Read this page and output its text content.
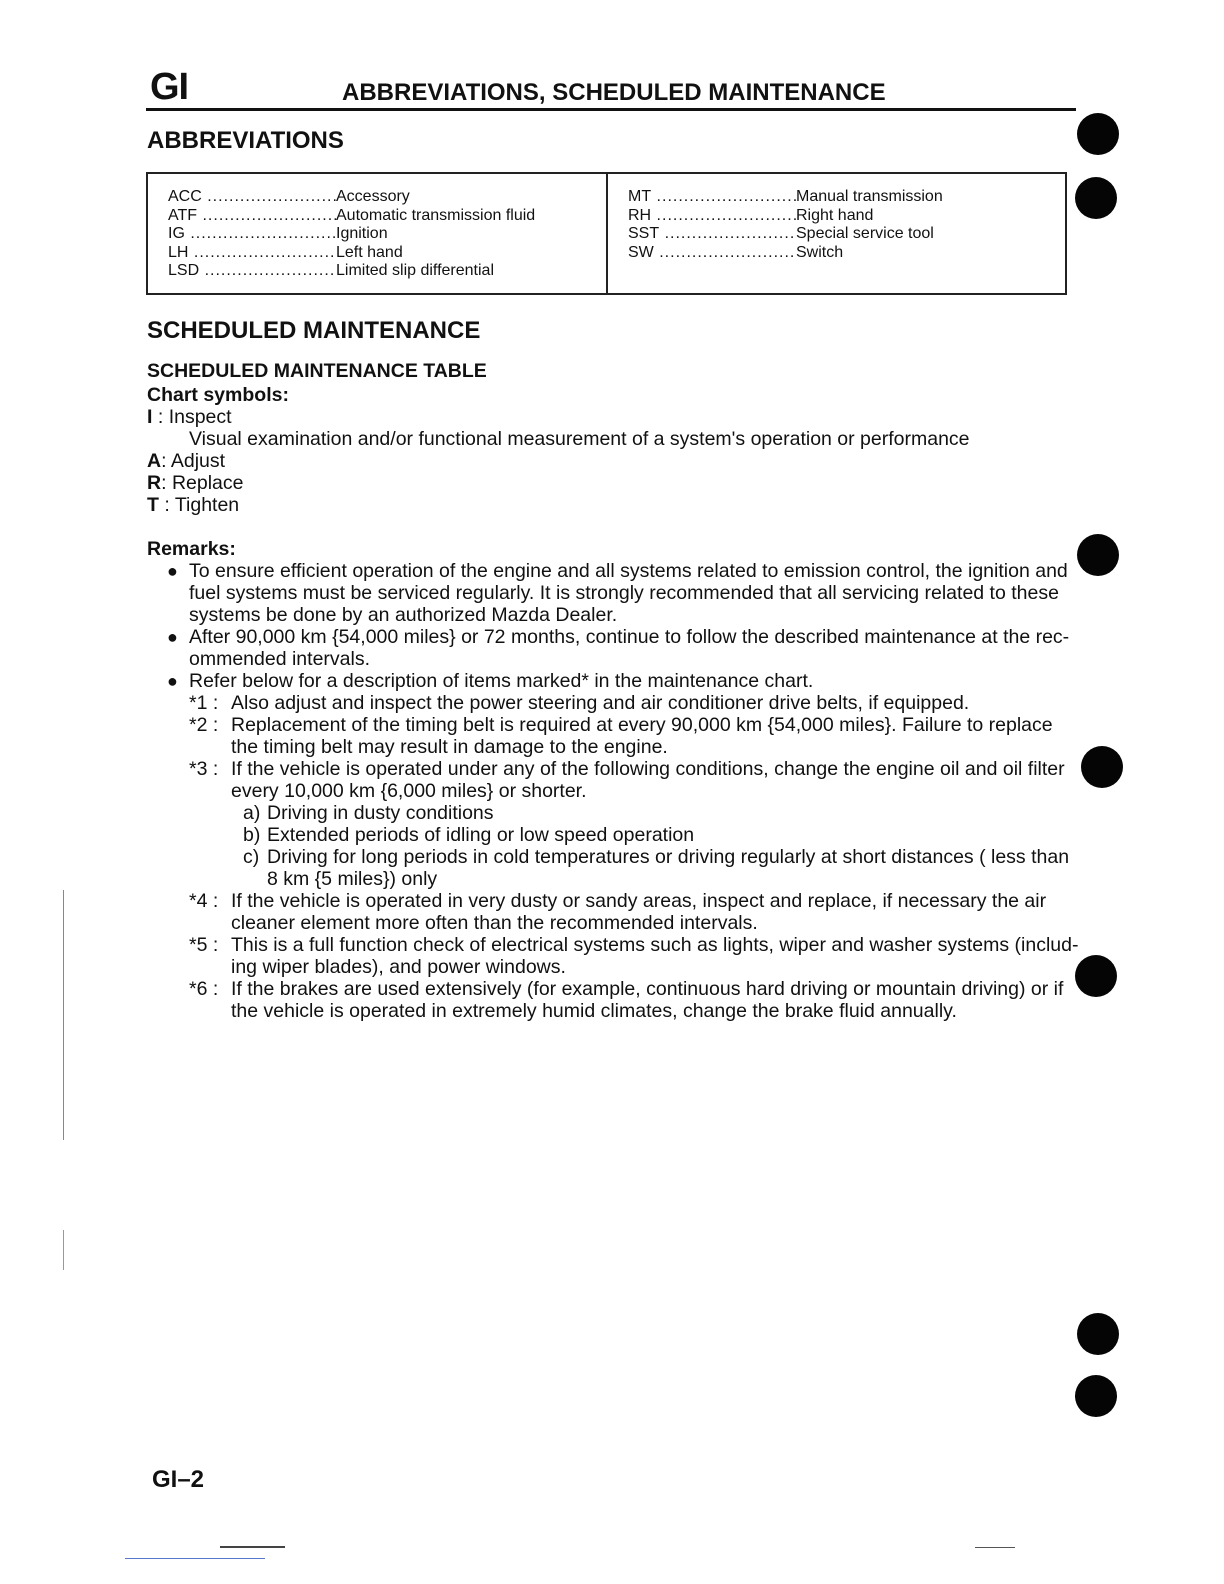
GI	ABBREVIATIONS, SCHEDULED MAINTENANCE
ABBREVIATIONS
ACC .....	Accessory
ATF .....	Automatic transmission fluid
IG .....	Ignition
LH .....	Left hand
LSD .....	Limited slip differential
MT .....	Manual transmission
RH .....	Right hand
SST .....	Special service tool
SW .....	Switch
SCHEDULED MAINTENANCE
SCHEDULED MAINTENANCE TABLE
Chart symbols:
I : Inspect
Visual examination and/or functional measurement of a system's operation or performance
A: Adjust
R: Replace
T : Tighten
Remarks:
● To ensure efficient operation of the engine and all systems related to emission control, the ignition and fuel systems must be serviced regularly. It is strongly recommended that all servicing related to these systems be done by an authorized Mazda Dealer.
● After 90,000 km {54,000 miles} or 72 months, continue to follow the described maintenance at the rec-ommended intervals.
● Refer below for a description of items marked* in the maintenance chart.
*1 : Also adjust and inspect the power steering and air conditioner drive belts, if equipped.
*2 : Replacement of the timing belt is required at every 90,000 km {54,000 miles}. Failure to replace the timing belt may result in damage to the engine.
*3 : If the vehicle is operated under any of the following conditions, change the engine oil and oil filter every 10,000 km {6,000 miles} or shorter.
a) Driving in dusty conditions
b) Extended periods of idling or low speed operation
c) Driving for long periods in cold temperatures or driving regularly at short distances ( less than 8 km {5 miles}) only
*4 : If the vehicle is operated in very dusty or sandy areas, inspect and replace, if necessary the air cleaner element more often than the recommended intervals.
*5 : This is a full function check of electrical systems such as lights, wiper and washer systems (includ-ing wiper blades), and power windows.
*6 : If the brakes are used extensively (for example, continuous hard driving or mountain driving) or if the vehicle is operated in extremely humid climates, change the brake fluid annually.
GI–2
